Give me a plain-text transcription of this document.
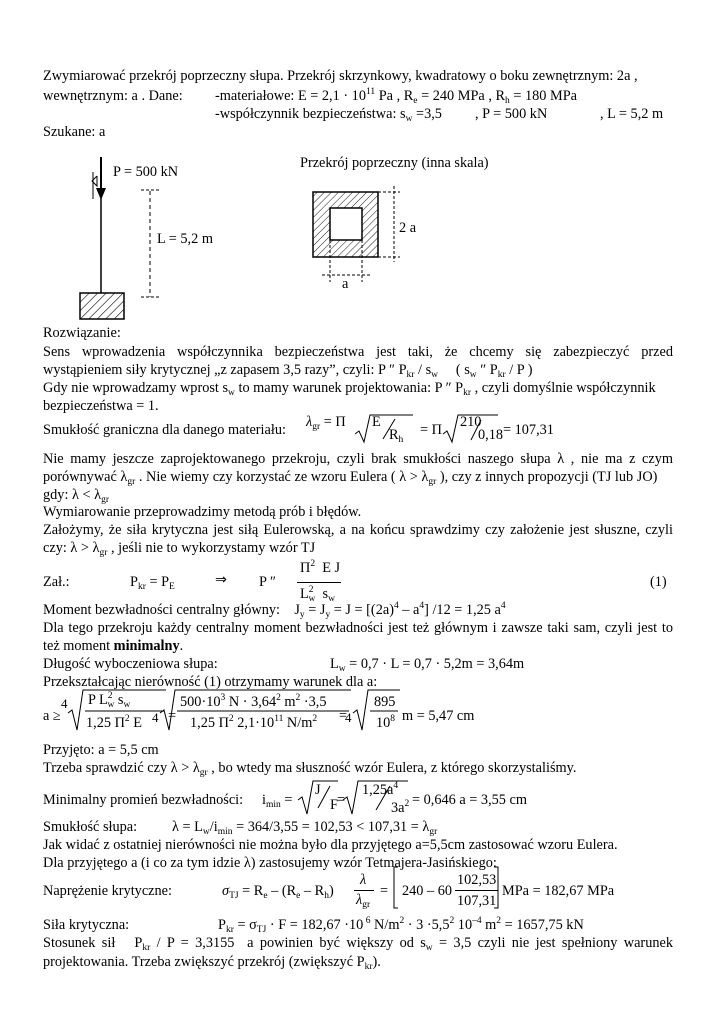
Zwymiarować przekrój poprzeczny słupa. Przekrój skrzynkowy, kwadratowy o boku zewnętrznym: 2a ,
wewnętrznym: a . Dane: -materiałowe: $E = 2,1 \cdot 10^{11}$ Pa , $R_e = 240$ MPa , $R_h = 180$ MPa
-współczynnik bezpieczeństwa: $s_w =3,5$ , P = 500 kN	, L = 5,2 m
Szukane: a
P = 500 kN
L = 5,2 m
Przekrój poprzeczny (inna skala)
2 a
a
Rozwiązanie:
Sens wprowadzenia współczynnika bezpieczeństwa jest taki, że chcemy się zabezpieczyć przed
wystąpieniem siły krytycznej „z zapasem 3,5 razy”, czyli: P ″ $P_{kr} / s_w$ ( $s_w$ ″ $P_{kr}$ / P )
Gdy nie wprowadzamy wprost $s_w$ to mamy warunek projektowania: P ″ $P_{kr}$ , czyli domyślnie współczynnik
bezpieczeństwa = 1.
Smukłość graniczna dla danego materiału: $\lambda_{gr} = \Pi$ E
$R_h$
= Π 210
0,18 = 107,31
Nie mamy jeszcze zaprojektowanego przekroju, czyli brak smukłości naszego słupa λ , nie ma z czym
porównywać $\lambda_{gr}$ . Nie wiemy czy korzystać ze wzoru Eulera ( $\lambda > \lambda_{gr}$ ), czy z innych propozycji (TJ lub JO)
gdy: $\lambda < \lambda_{gr}$
Wymiarowanie przeprowadzimy metodą prób i błędów.
Założymy, że siła krytyczna jest siłą Eulerowską, a na końcu sprawdzimy czy założenie jest słuszne, czyli
czy: $\lambda > \lambda_{gr}$ , jeśli nie to wykorzystamy wzór TJ
Zał.:	$P_{kr} = P_E$	⇒ P ″
$\Pi^2$ E J
$L^2_w$ $s_w$
(1)
Moment bezwładności centralny główny: $J_y = J_y = J = [(2a)^4 - a^4] /12 = 1,25$ $a^4$
Dla tego przekroju każdy centralny moment bezwładności jest też głównym i zawsze taki sam, czyli jest to
też moment minimalny.
Długość wyboczeniowa słupa:	$L_w = 0,7 \cdot L = 0,7 \cdot 5,2m = 3,64m$
Przekształcając nierówność (1) otrzymamy warunek dla a:
a ≥
4
4	4
P $L^2_w$ $s_w$
1,25 $\Pi^2$ E =
$500\cdot 10^3$ $N \cdot 3,64^2$ $m^2 \cdot 3,5$
1,25 $\Pi^2$ $2,1\cdot 10^{11}$ $N/m^2$ =
895
$10^8$ m = 5,47 cm
Przyjęto: a = 5,5 cm
Trzeba sprawdzić czy $\lambda > \lambda_{gr}$ , bo wtedy ma słuszność wzór Eulera, z którego skorzystaliśmy.
Minimalny promień bezwładności: $i_{min}$ =
J
F =
$1,25a^4$
$3a^2 = 0,646$ a = 3,55 cm
Smukłość słupa: $\lambda = L_w/i_{min} = 364/3,55 = 102,53 < 107,31 = \lambda_{gr}$
Jak widać z ostatniej nierówności nie można było dla przyjętego a=5,5cm zastosować wzoru Eulera.
Dla przyjętego a (i co za tym idzie λ) zastosujemy wzór Tetmajera-Jasińskiego:
Naprężenie krytyczne:	$\sigma_{TJ} = R_e - (R_e - R_h)$
λ
$\lambda_{gr}$
= 240 – 60
102,53
107,31
MPa = 182,67 MPa
Siła krytyczna:	$P_{kr} = \sigma_{TJ} \cdot F = 182,67 \cdot 10$ $^6$ $N/m^2 \cdot 3 \cdot 5,5^2$ $10^{-4}$ $m^2 = 1657,75$ kN
Stosunek sił $P_{kr} / P = 3,3155$ a powinien być większy od $s_w = 3,5$ czyli nie jest spełniony warunek
projektowania. Trzeba zwiększyć przekrój (zwiększyć $P_{kr}$).
